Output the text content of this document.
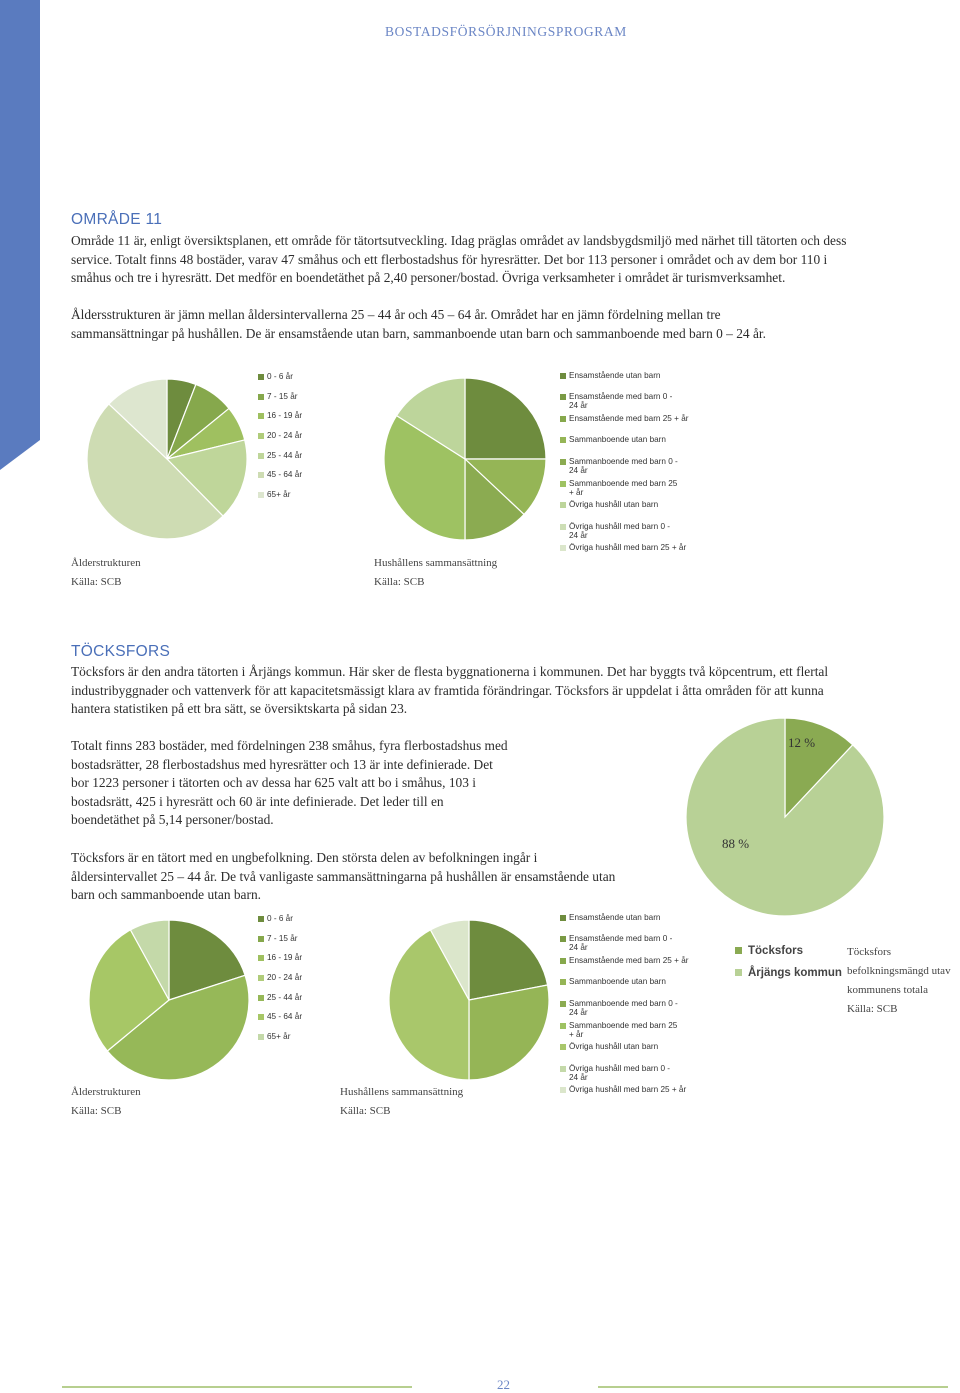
BOSTADSFÖRSÖRJNINGSPROGRAM
OMRÅDE 11
Område 11 är, enligt översiktsplanen, ett område för tätortsutveckling. Idag präglas området av landsbygdsmiljö med närhet till tätorten och dess
service. Totalt finns 48 bostäder, varav 47 småhus och ett flerbostadshus för hyresrätter. Det bor 113 personer i området och av dem bor 110 i
småhus och tre i hyresrätt. Det medför en boendetäthet på 2,40 personer/bostad. Övriga verksamheter i området är turismverksamhet.
Åldersstrukturen är jämn mellan åldersintervallerna 25 – 44 år och 45 – 64 år. Området har en jämn fördelning mellan tre
sammansättningar på hushållen. De är ensamstående utan barn, sammanboende utan barn och sammanboende med barn 0 – 24 år.
0 - 6 år
7 - 15 år
16 - 19 år
20 - 24 år
25 - 44 år
45 - 64 år
65+ år
Ensamstående utan barn
Ensamstående med barn 0 - 24 år
Ensamstående med barn 25 + år
Sammanboende utan barn
Sammanboende med barn 0 - 24 år
Sammanboende med barn 25 + år
Övriga hushåll utan barn
Övriga hushåll med barn 0 - 24 år
Övriga hushåll med barn 25 + år
Ålderstrukturen
Källa: SCB
Hushållens sammansättning
Källa: SCB
TÖCKSFORS
Töcksfors är den andra tätorten i Årjängs kommun. Här sker de flesta byggnationerna i kommunen. Det har byggts två köpcentrum, ett flertal
industribyggnader och vattenverk för att kapacitetsmässigt klara av framtida förändringar. Töcksfors är uppdelat i åtta områden för att kunna
hantera statistiken på ett bra sätt, se översiktskarta på sidan 23.
Totalt finns 283 bostäder, med fördelningen 238 småhus, fyra flerbostadshus med
bostadsrätter, 28 flerbostadshus med hyresrätter och 13 är inte definierade. Det
bor 1223 personer i tätorten och av dessa har 625 valt att bo i småhus, 103 i
bostadsrätt, 425 i hyresrätt och 60 är inte definierade. Det leder till en
boendetäthet på 5,14 personer/bostad.
Töcksfors är en tätort med en ungbefolkning. Den största delen av befolkningen ingår i
åldersintervallet 25 – 44 år. De två vanligaste sammansättningarna på hushållen är ensamstående utan
barn och sammanboende utan barn.
12 %
88 %
Töcksfors
Årjängs kommun
Töcksfors
befolkningsmängd utav
kommunens totala
Källa: SCB
0 - 6 år
7 - 15 år
16 - 19 år
20 - 24 år
25 - 44 år
45 - 64 år
65+ år
Ensamstående utan barn
Ensamstående med barn 0 - 24 år
Ensamstående med barn 25 + år
Sammanboende utan barn
Sammanboende med barn 0 - 24 år
Sammanboende med barn 25 + år
Övriga hushåll utan barn
Övriga hushåll med barn 0 - 24 år
Övriga hushåll med barn 25 + år
Ålderstrukturen
Källa: SCB
Hushållens sammansättning
Källa: SCB
22
